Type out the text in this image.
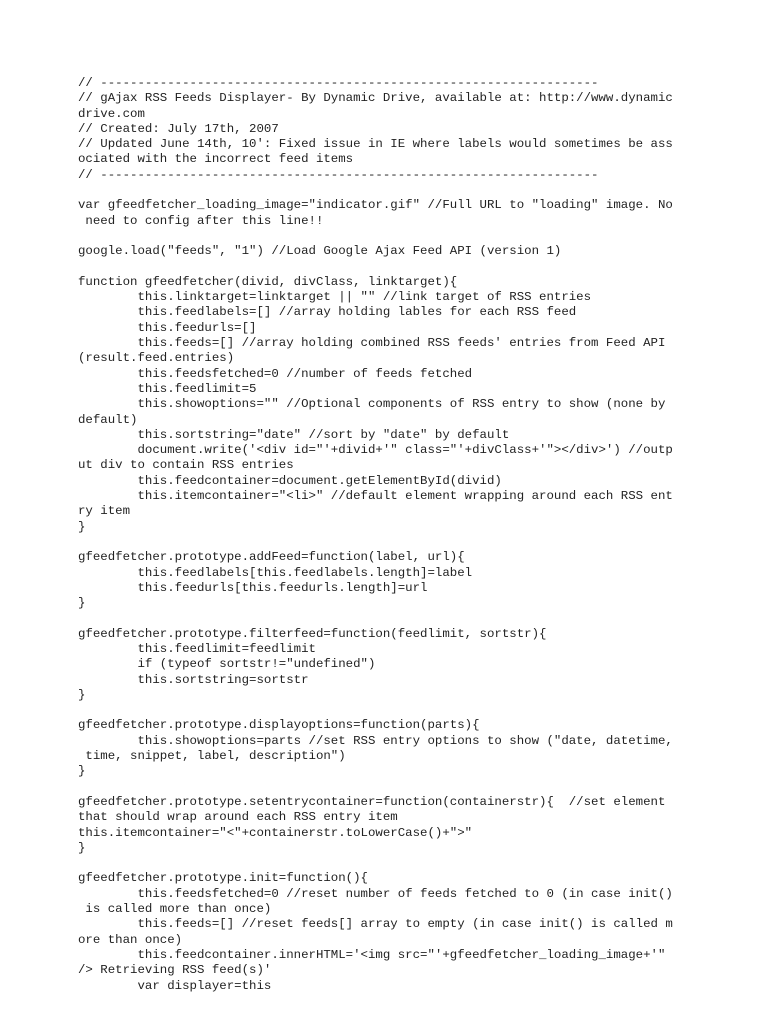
// -------------------------------------------------------------------
// gAjax RSS Feeds Displayer- By Dynamic Drive, available at: http://www.dynamic
drive.com
// Created: July 17th, 2007
// Updated June 14th, 10': Fixed issue in IE where labels would sometimes be ass
ociated with the incorrect feed items
// -------------------------------------------------------------------
var gfeedfetcher_loading_image="indicator.gif" //Full URL to "loading" image. No
need to config after this line!!
google.load("feeds", "1") //Load Google Ajax Feed API (version 1)
function gfeedfetcher(divid, divClass, linktarget){
this.linktarget=linktarget || "" //link target of RSS entries
this.feedlabels=[] //array holding lables for each RSS feed
this.feedurls=[]
this.feeds=[] //array holding combined RSS feeds' entries from Feed API
(result.feed.entries)
this.feedsfetched=0 //number of feeds fetched
this.feedlimit=5
this.showoptions="" //Optional components of RSS entry to show (none by
default)
this.sortstring="date" //sort by "date" by default
document.write('<div id="'+divid+'" class="'+divClass+'"></div>') //outp
ut div to contain RSS entries
this.feedcontainer=document.getElementById(divid)
this.itemcontainer="<li>" //default element wrapping around each RSS ent
ry item
}
gfeedfetcher.prototype.addFeed=function(label, url){
this.feedlabels[this.feedlabels.length]=label
this.feedurls[this.feedurls.length]=url
}
gfeedfetcher.prototype.filterfeed=function(feedlimit, sortstr){
this.feedlimit=feedlimit
if (typeof sortstr!="undefined")
this.sortstring=sortstr
}
gfeedfetcher.prototype.displayoptions=function(parts){
this.showoptions=parts //set RSS entry options to show ("date, datetime,
time, snippet, label, description")
}
gfeedfetcher.prototype.setentrycontainer=function(containerstr){  //set element
that should wrap around each RSS entry item
this.itemcontainer="<"+containerstr.toLowerCase()+">"
}
gfeedfetcher.prototype.init=function(){
this.feedsfetched=0 //reset number of feeds fetched to 0 (in case init()
is called more than once)
this.feeds=[] //reset feeds[] array to empty (in case init() is called m
ore than once)
this.feedcontainer.innerHTML='<img src="'+gfeedfetcher_loading_image+'"
/> Retrieving RSS feed(s)'
var displayer=this
